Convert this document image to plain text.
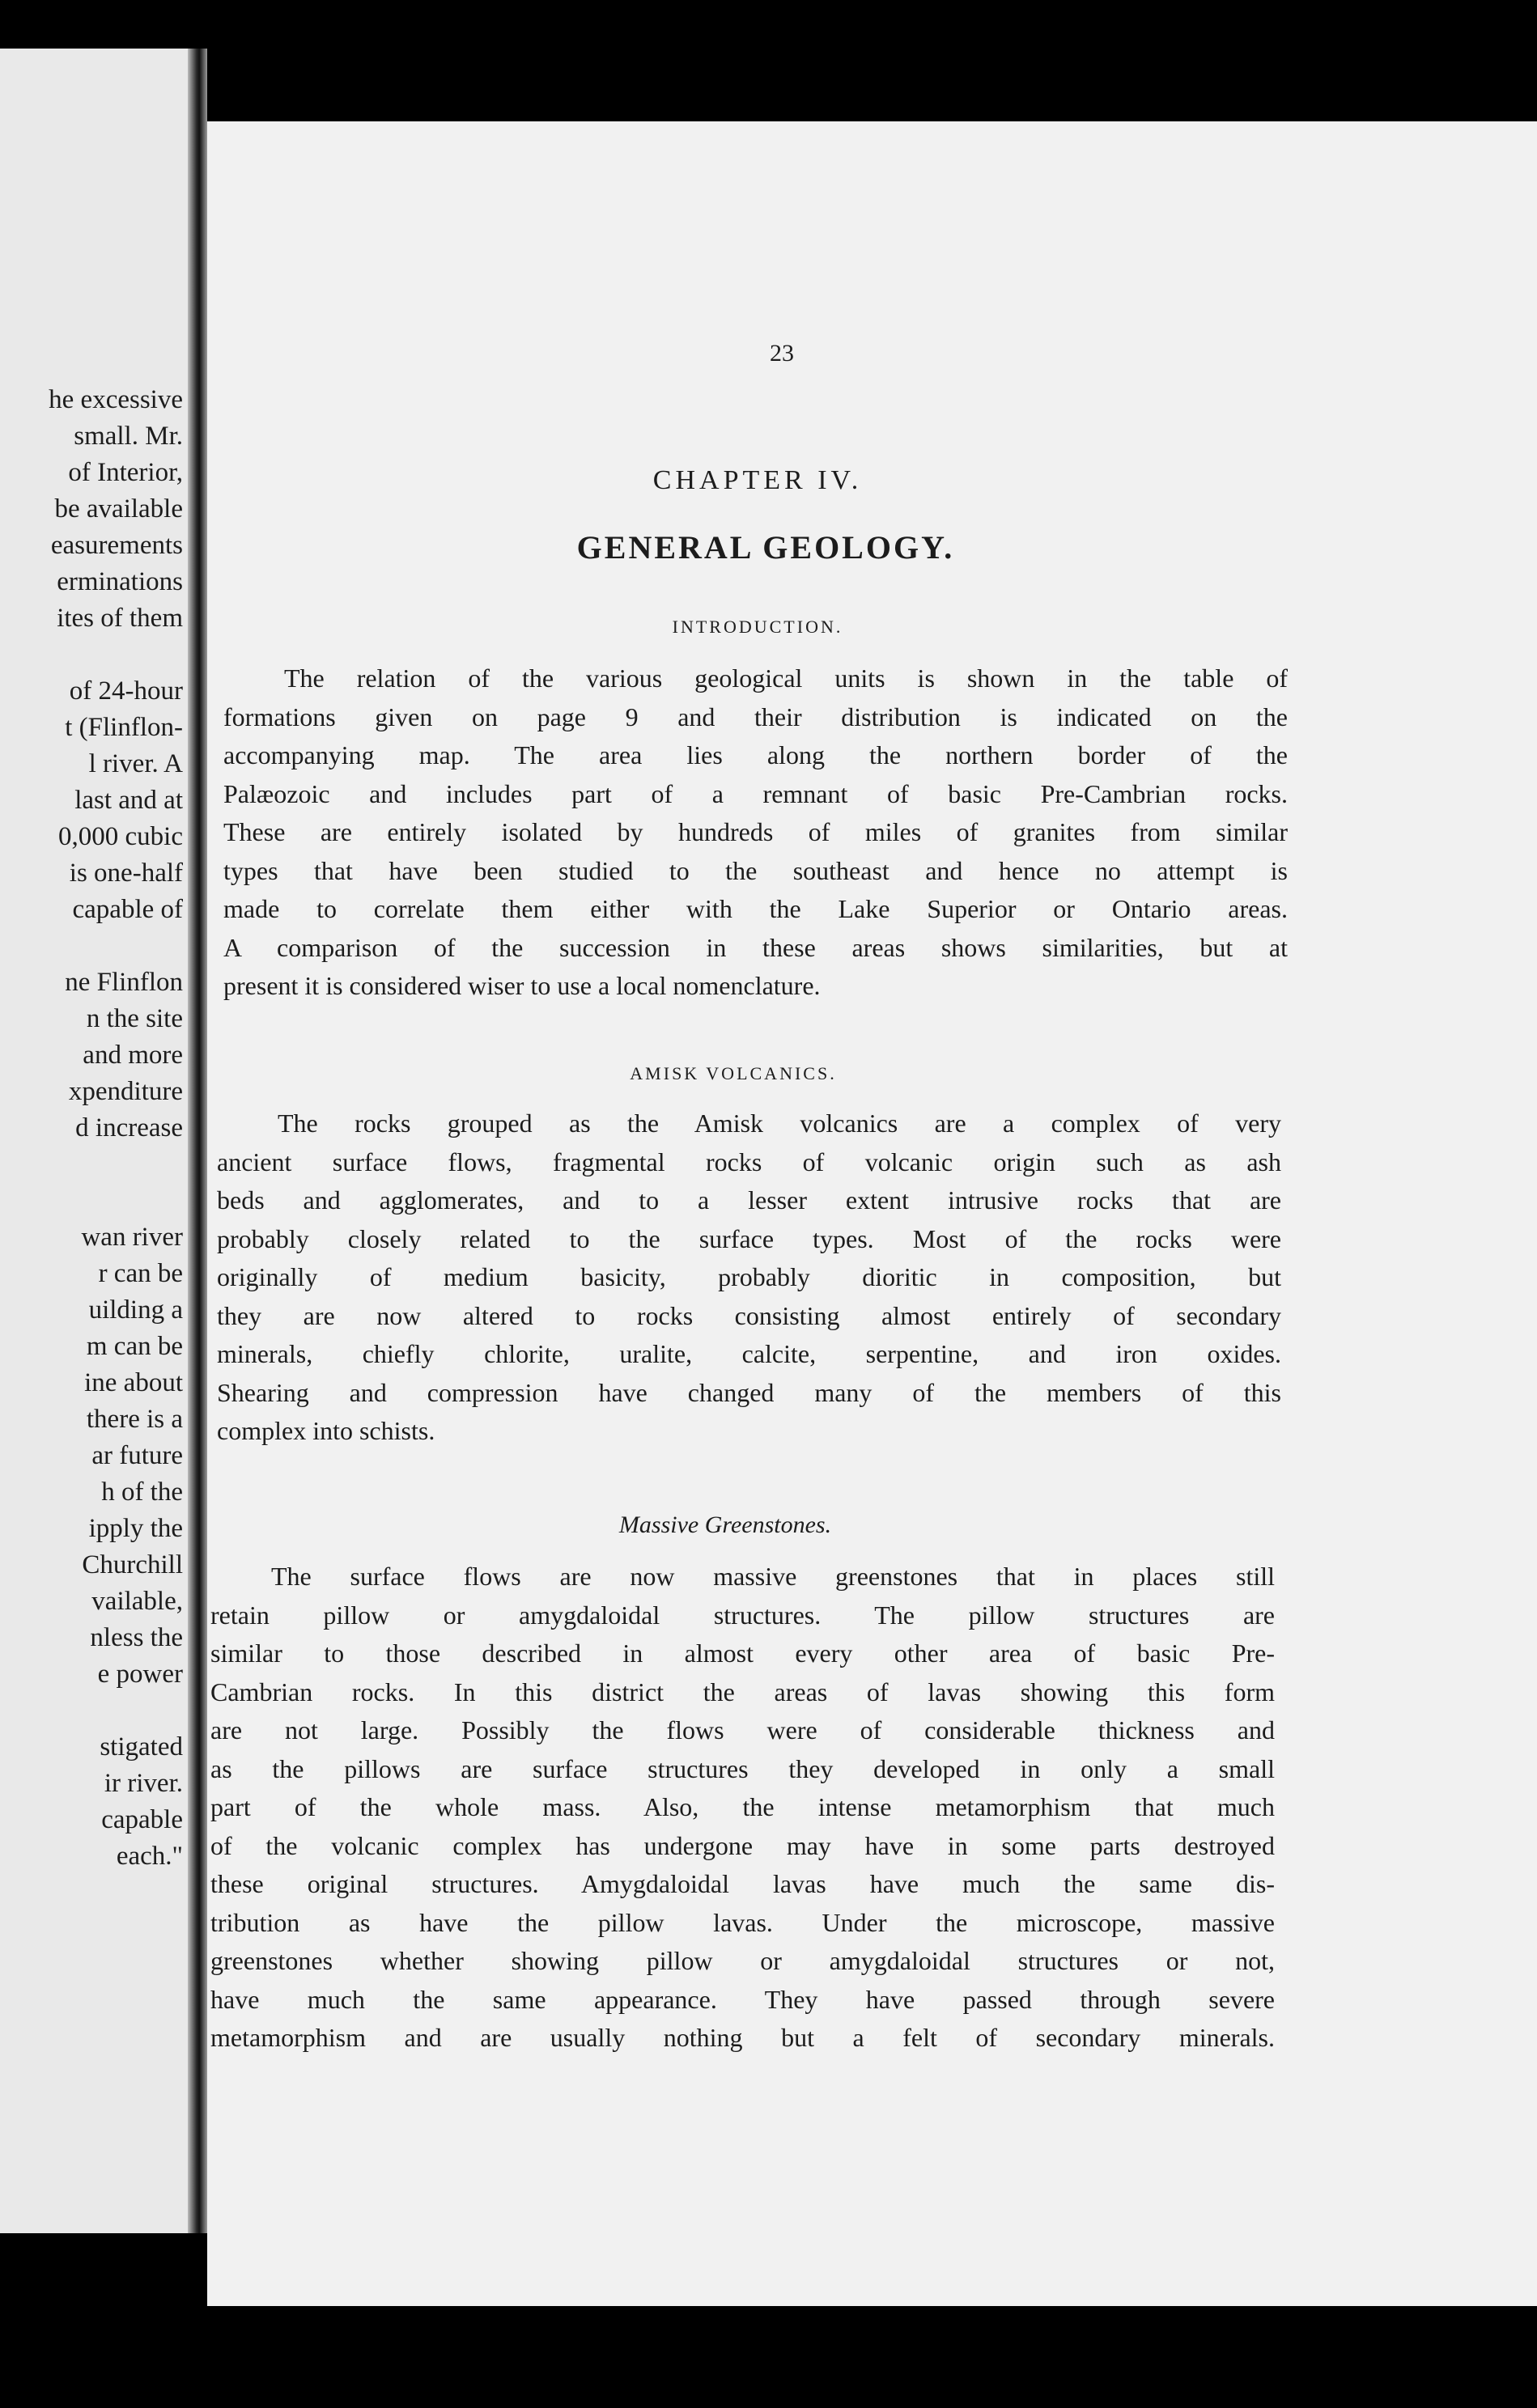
he excessive
small. Mr.
of Interior,
be available
easurements
erminations
ites of them
of 24-hour
t (Flinflon-
l river. A
last and at
0,000 cubic
is one-half
capable of
ne Flinflon
n the site
and more
xpenditure
d increase
wan river
r can be
uilding a
m can be
ine about
there is a
ar future
h of the
ipply the
Churchill
vailable,
nless the
e power
stigated
ir river.
capable
each."
23
CHAPTER IV.
GENERAL GEOLOGY.
INTRODUCTION.
The relation of the various geological units is shown in the table of
formations given on page 9 and their distribution is indicated on the
accompanying map. The area lies along the northern border of the
Palæozoic and includes part of a remnant of basic Pre-Cambrian rocks.
These are entirely isolated by hundreds of miles of granites from similar
types that have been studied to the southeast and hence no attempt is
made to correlate them either with the Lake Superior or Ontario areas.
A comparison of the succession in these areas shows similarities, but at
present it is considered wiser to use a local nomenclature.
AMISK VOLCANICS.
The rocks grouped as the Amisk volcanics are a complex of very
ancient surface flows, fragmental rocks of volcanic origin such as ash
beds and agglomerates, and to a lesser extent intrusive rocks that are
probably closely related to the surface types. Most of the rocks were
originally of medium basicity, probably dioritic in composition, but
they are now altered to rocks consisting almost entirely of secondary
minerals, chiefly chlorite, uralite, calcite, serpentine, and iron oxides.
Shearing and compression have changed many of the members of this
complex into schists.
Massive Greenstones.
The surface flows are now massive greenstones that in places still
retain pillow or amygdaloidal structures. The pillow structures are
similar to those described in almost every other area of basic Pre-
Cambrian rocks. In this district the areas of lavas showing this form
are not large. Possibly the flows were of considerable thickness and
as the pillows are surface structures they developed in only a small
part of the whole mass. Also, the intense metamorphism that much
of the volcanic complex has undergone may have in some parts destroyed
these original structures. Amygdaloidal lavas have much the same dis-
tribution as have the pillow lavas. Under the microscope, massive
greenstones whether showing pillow or amygdaloidal structures or not,
have much the same appearance. They have passed through severe
metamorphism and are usually nothing but a felt of secondary minerals.
